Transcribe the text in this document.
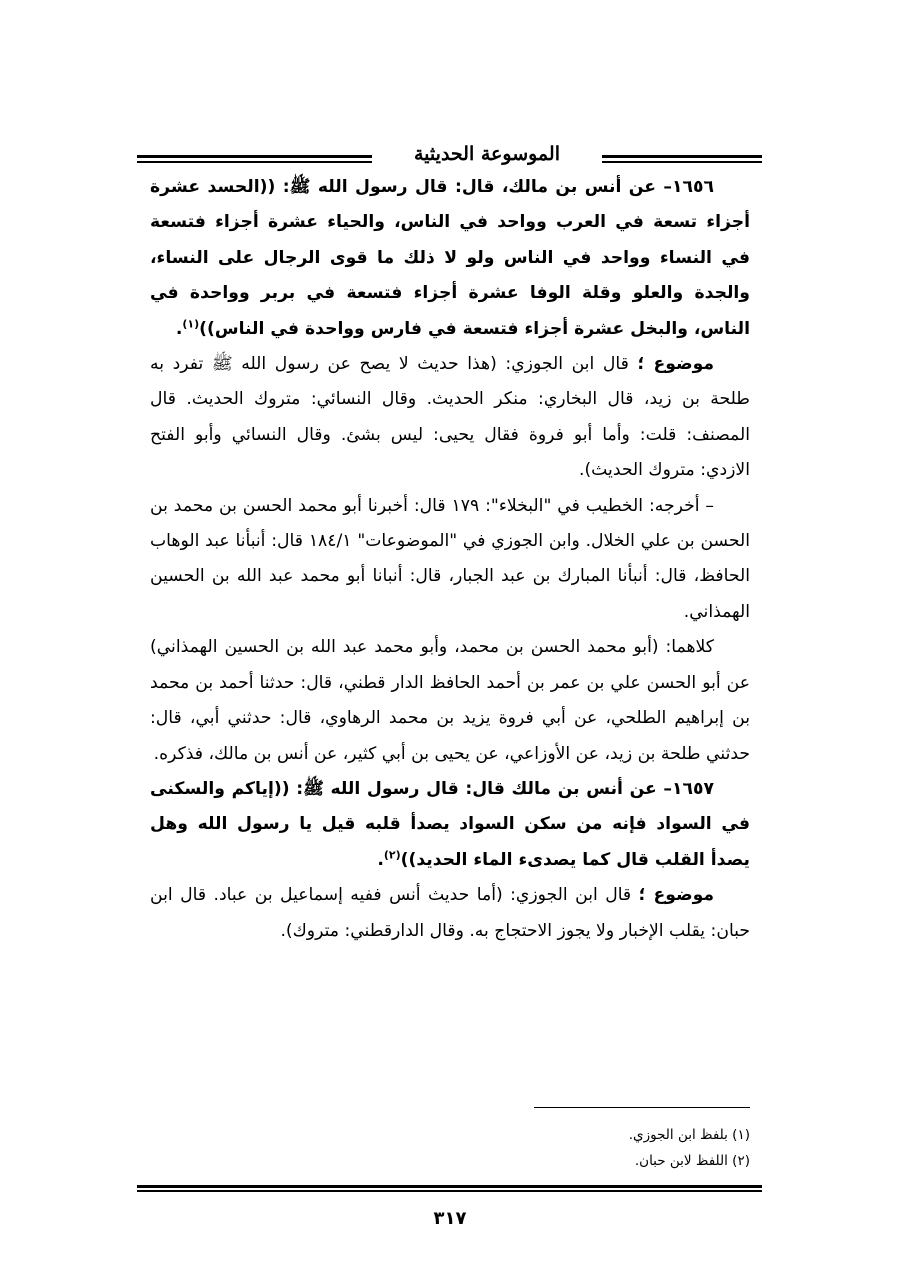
الموسوعة الحديثية

١٦٥٦– عن أنس بن مالك، قال: قال رسول الله ﷺ: ((الحسد عشرة أجزاء تسعة في العرب وواحد في الناس، والحياء عشرة أجزاء فتسعة في النساء وواحد في الناس ولو لا ذلك ما قوى الرجال على النساء، والجدة والعلو وقلة الوفا عشرة أجزاء فتسعة في بربر وواحدة في الناس، والبخل عشرة أجزاء فتسعة في فارس وواحدة في الناس))$^{(١)}$.

موضوع ؛ قال ابن الجوزي: (هذا حديث لا يصح عن رسول الله ﷺ تفرد به طلحة بن زيد، قال البخاري: منكر الحديث. وقال النسائي: متروك الحديث. قال المصنف: قلت: وأما أبو فروة فقال يحيى: ليس بشئ. وقال النسائي وأبو الفتح الازدي: متروك الحديث).

– أخرجه: الخطيب في "البخلاء": ١٧٩ قال: أخبرنا أبو محمد الحسن بن محمد بن الحسن بن علي الخلال. وابن الجوزي في "الموضوعات" ١٨٤/١ قال: أنبأنا عبد الوهاب الحافظ، قال: أنبأنا المبارك بن عبد الجبار، قال: أنبانا أبو محمد عبد الله بن الحسين الهمذاني.

كلاهما: (أبو محمد الحسن بن محمد، وأبو محمد عبد الله بن الحسين الهمذاني) عن أبو الحسن علي بن عمر بن أحمد الحافظ الدار قطني، قال: حدثنا أحمد بن محمد بن إبراهيم الطلحي، عن أبي فروة يزيد بن محمد الرهاوي، قال: حدثني أبي، قال: حدثني طلحة بن زيد، عن الأوزاعي، عن يحيى بن أبي كثير، عن أنس بن مالك، فذكره.

١٦٥٧– عن أنس بن مالك قال: قال رسول الله ﷺ: ((إياكم والسكنى في السواد فإنه من سكن السواد يصدأ قلبه قيل يا رسول الله وهل يصدأ القلب قال كما يصدىء الماء الحديد))$^{(٢)}$.

موضوع ؛ قال ابن الجوزي: (أما حديث أنس ففيه إسماعيل بن عباد. قال ابن حبان: يقلب الإخبار ولا يجوز الاحتجاج به. وقال الدارقطني: متروك).

(١) بلفظ ابن الجوزي.

(٢) اللفظ لابن حبان.

٣١٧
